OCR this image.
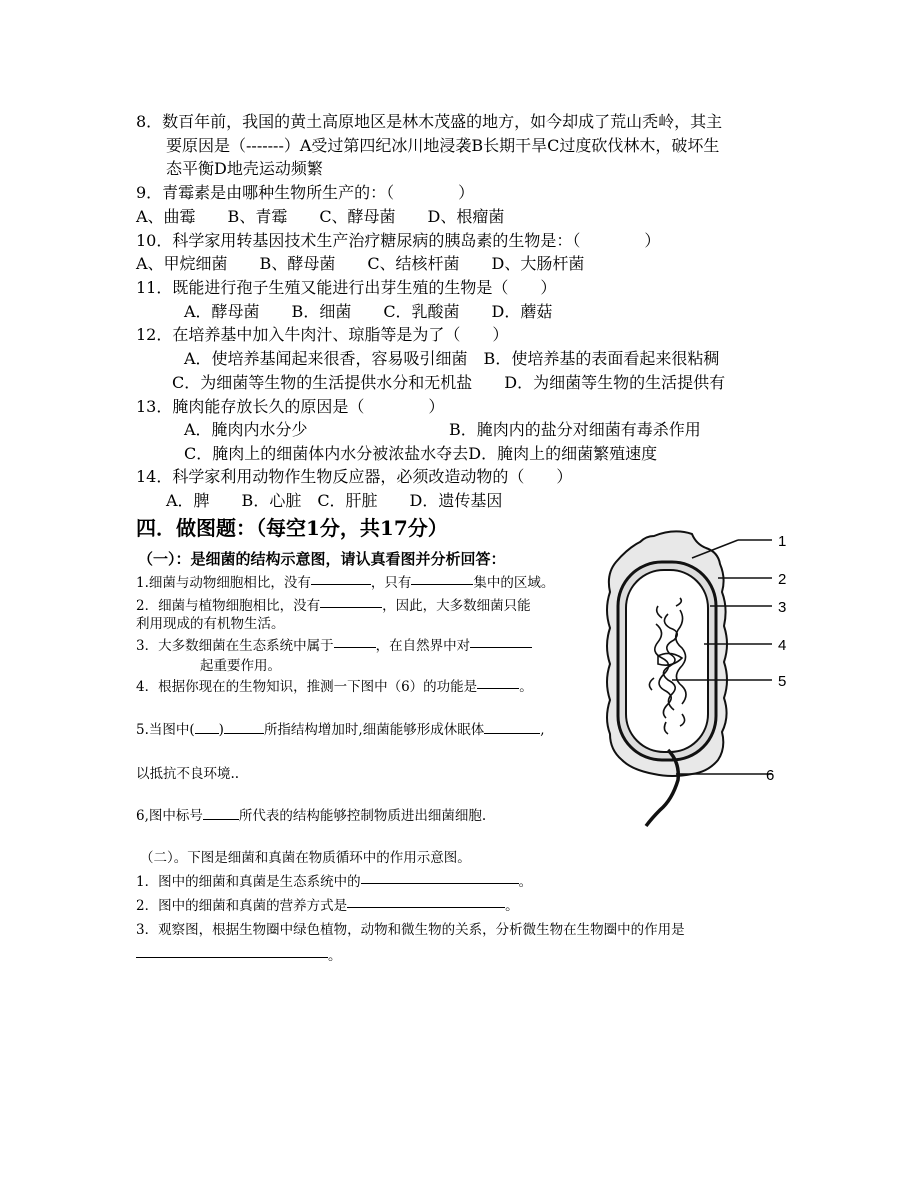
8．数百年前，我国的黄土高原地区是林木茂盛的地方，如今却成了荒山秃岭，其主
要原因是（-------）A受过第四纪冰川地浸袭B长期干旱C过度砍伐林木，破坏生
态平衡D地壳运动频繁
9．青霉素是由哪种生物所生产的：（　　　　）
A、曲霉　　B、青霉　　C、酵母菌　　D、根瘤菌
10．科学家用转基因技术生产治疗糖尿病的胰岛素的生物是：（　　　　）
A、甲烷细菌　　B、酵母菌　　C、结核杆菌　　D、大肠杆菌
11．既能进行孢子生殖又能进行出芽生殖的生物是（　　）
A．酵母菌　　B．细菌　　C．乳酸菌　　D．蘑菇
12．在培养基中加入牛肉汁、琼脂等是为了（　　）
A．使培养基闻起来很香，容易吸引细菌　B．使培养基的表面看起来很粘稠
C．为细菌等生物的生活提供水分和无机盐　　D．为细菌等生物的生活提供有
13．腌肉能存放长久的原因是（　　　　）
A．腌肉内水分少	B．腌肉内的盐分对细菌有毒杀作用
C．腌肉上的细菌体内水分被浓盐水夺去D．腌肉上的细菌繁殖速度
14．科学家利用动物作生物反应器，必须改造动物的（　　）
A．脾　　B．心脏　C．肝脏　　D．遗传基因
四．做图题：（每空1分，共17分）
（一）：是细菌的结构示意图，请认真看图并分析回答：
1.细菌与动物细胞相比，没有	，只有	集中的区域。
2．细菌与植物细胞相比，没有	，因此，大多数细菌只能
利用现成的有机物生活。
3．大多数细菌在生态系统中属于	，在自然界中对
起重要作用。
4．根据你现在的生物知识，推测一下图中（6）的功能是	。
5.当图中( )	所指结构增加时,细菌能够形成休眠体	,
以抵抗不良环境..
6,图中标号	所代表的结构能够控制物质进出细菌细胞.
（二）。下图是细菌和真菌在物质循环中的作用示意图。
1．图中的细菌和真菌是生态系统中的	。
2．图中的细菌和真菌的营养方式是	。
3．观察图，根据生物圈中绿色植物，动物和微生物的关系，分析微生物在生物圈中的作用是
。
1
2
3
4
5
6
